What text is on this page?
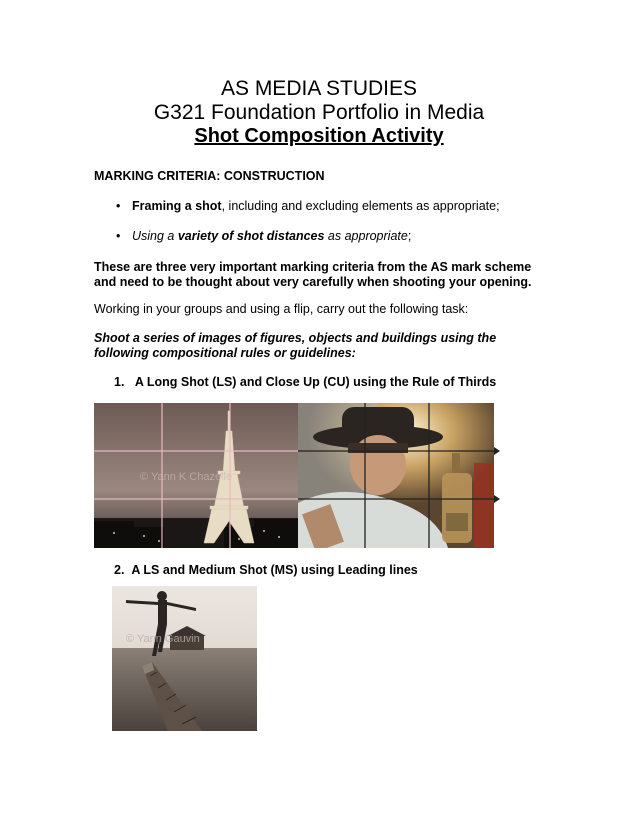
AS MEDIA STUDIES
G321 Foundation Portfolio in Media
Shot Composition Activity
MARKING CRITERIA: CONSTRUCTION
• Framing a shot, including and excluding elements as appropriate;
• Using a variety of shot distances as appropriate;
These are three very important marking criteria from the AS mark scheme and need to be thought about very carefully when shooting your opening.
Working in your groups and using a flip, carry out the following task:
Shoot a series of images of figures, objects and buildings using the following compositional rules or guidelines:
1. A Long Shot (LS) and Close Up (CU) using the Rule of Thirds
© Yann K Chazelle
2. A LS and Medium Shot (MS) using Leading lines
© Yann Gauvin
